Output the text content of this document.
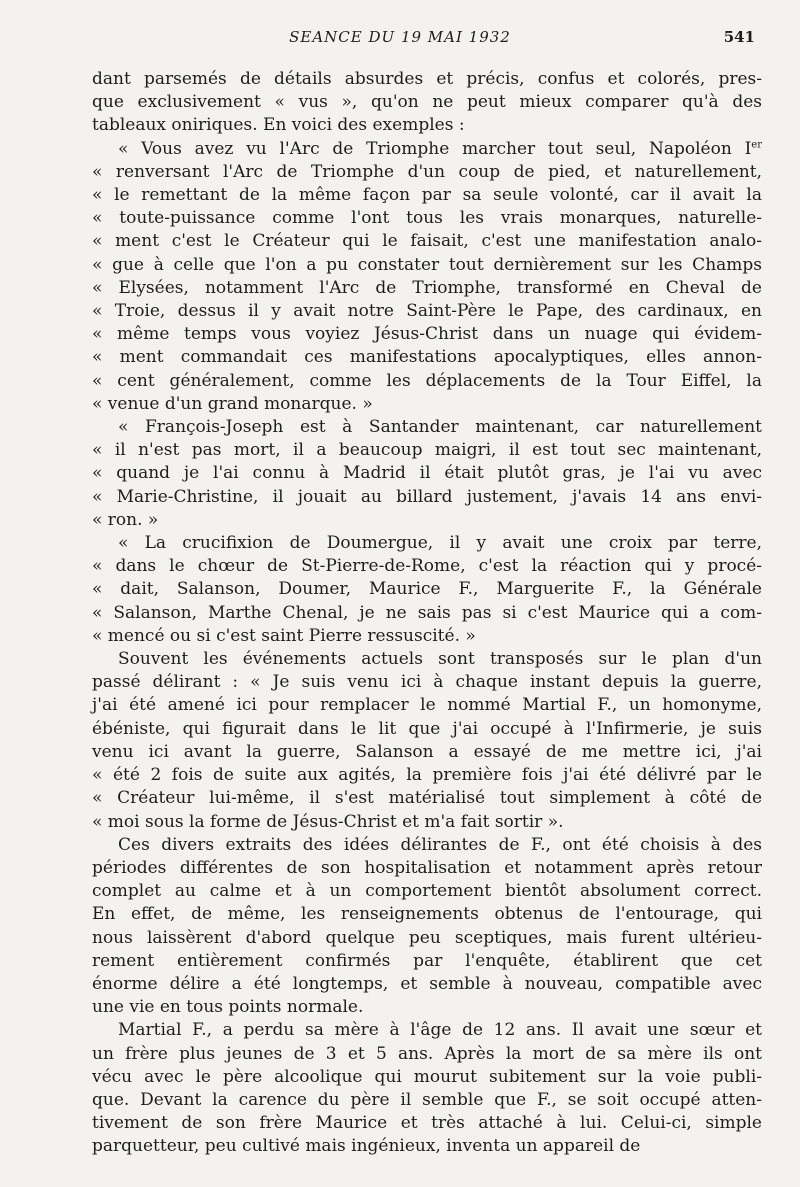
SEANCE DU 19 MAI 1932	541
dant parsemés de détails absurdes et précis, confus et colorés, pres-
que exclusivement « vus », qu'on ne peut mieux comparer qu'à des
tableaux oniriques. En voici des exemples :
« Vous avez vu l'Arc de Triomphe marcher tout seul, Napoléon Ier
« renversant l'Arc de Triomphe d'un coup de pied, et naturellement,
« le remettant de la même façon par sa seule volonté, car il avait la
« toute-puissance comme l'ont tous les vrais monarques, naturelle-
« ment c'est le Créateur qui le faisait, c'est une manifestation analo-
« gue à celle que l'on a pu constater tout dernièrement sur les Champs
« Elysées, notamment l'Arc de Triomphe, transformé en Cheval de
« Troie, dessus il y avait notre Saint-Père le Pape, des cardinaux, en
« même temps vous voyiez Jésus-Christ dans un nuage qui évidem-
« ment commandait ces manifestations apocalyptiques, elles annon-
« cent généralement, comme les déplacements de la Tour Eiffel, la
« venue d'un grand monarque. »
« François-Joseph est à Santander maintenant, car naturellement
« il n'est pas mort, il a beaucoup maigri, il est tout sec maintenant,
« quand je l'ai connu à Madrid il était plutôt gras, je l'ai vu avec
« Marie-Christine, il jouait au billard justement, j'avais 14 ans envi-
« ron. »
« La crucifixion de Doumergue, il y avait une croix par terre,
« dans le chœur de St-Pierre-de-Rome, c'est la réaction qui y procé-
« dait, Salanson, Doumer, Maurice F., Marguerite F., la Générale
« Salanson, Marthe Chenal, je ne sais pas si c'est Maurice qui a com-
« mencé ou si c'est saint Pierre ressuscité. »
Souvent les événements actuels sont transposés sur le plan d'un
passé délirant : « Je suis venu ici à chaque instant depuis la guerre,
j'ai été amené ici pour remplacer le nommé Martial F., un homonyme,
ébéniste, qui figurait dans le lit que j'ai occupé à l'Infirmerie, je suis
venu ici avant la guerre, Salanson a essayé de me mettre ici, j'ai
« été 2 fois de suite aux agités, la première fois j'ai été délivré par le
« Créateur lui-même, il s'est matérialisé tout simplement à côté de
« moi sous la forme de Jésus-Christ et m'a fait sortir ».
Ces divers extraits des idées délirantes de F., ont été choisis à des
périodes différentes de son hospitalisation et notamment après retour
complet au calme et à un comportement bientôt absolument correct.
En effet, de même, les renseignements obtenus de l'entourage, qui
nous laissèrent d'abord quelque peu sceptiques, mais furent ultérieu-
rement entièrement confirmés par l'enquête, établirent que cet
énorme délire a été longtemps, et semble à nouveau, compatible avec
une vie en tous points normale.
Martial F., a perdu sa mère à l'âge de 12 ans. Il avait une sœur et
un frère plus jeunes de 3 et 5 ans. Après la mort de sa mère ils ont
vécu avec le père alcoolique qui mourut subitement sur la voie publi-
que. Devant la carence du père il semble que F., se soit occupé atten-
tivement de son frère Maurice et très attaché à lui. Celui-ci, simple
parquetteur, peu cultivé mais ingénieux, inventa un appareil de
